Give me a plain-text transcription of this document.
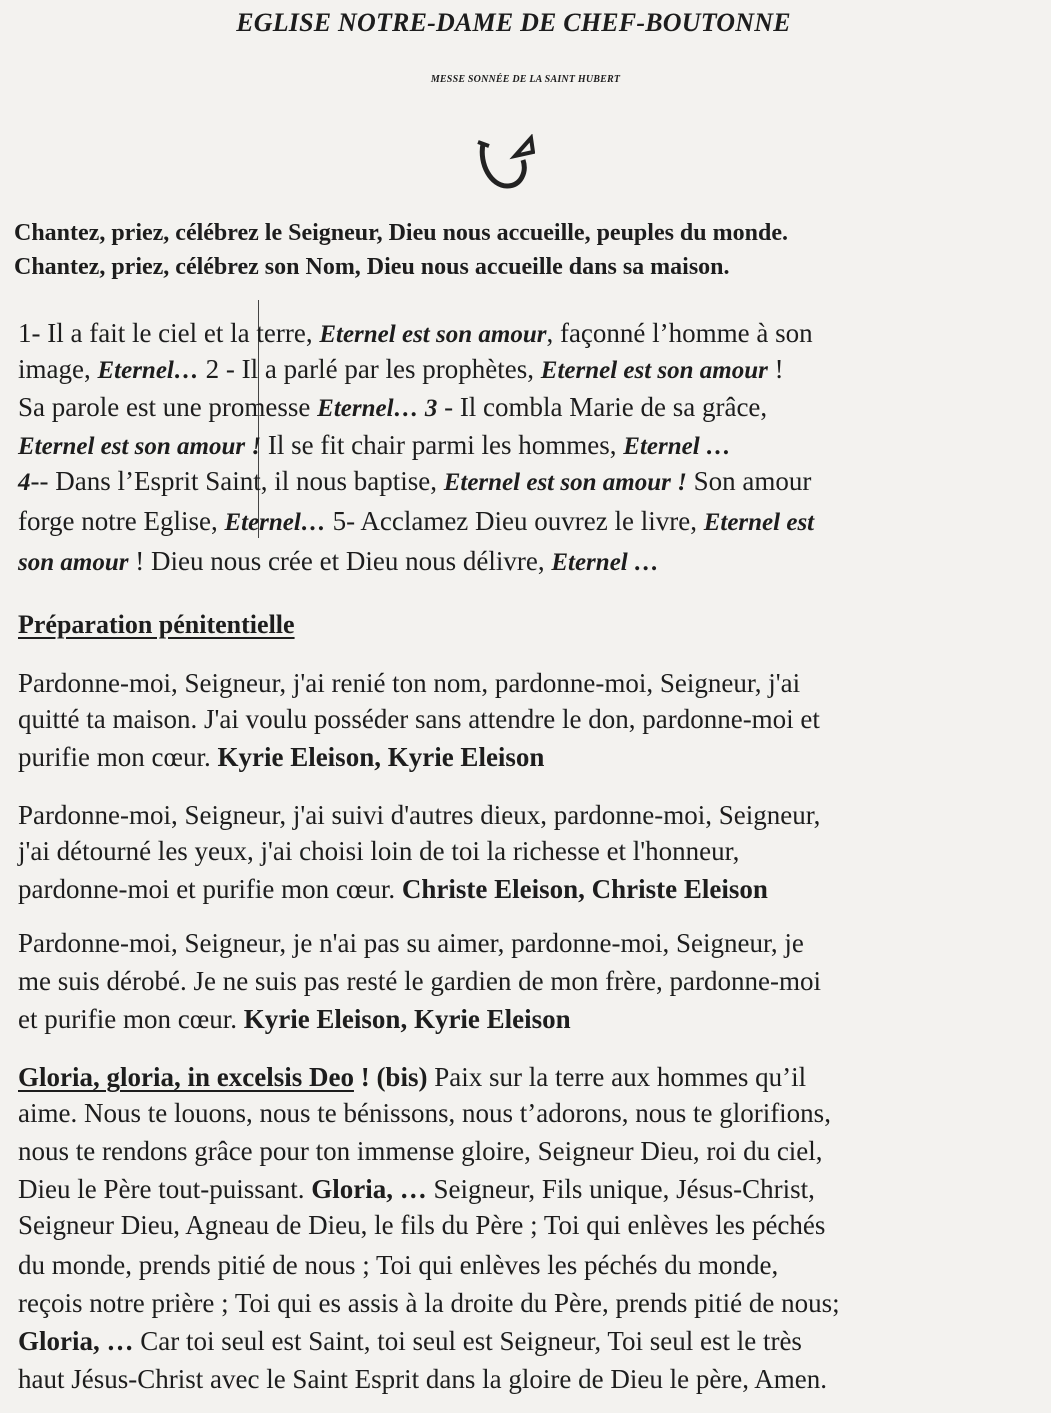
EGLISE NOTRE-DAME DE CHEF-BOUTONNE
MESSE SONNÉE DE LA SAINT HUBERT
Chantez, priez, célébrez le Seigneur, Dieu nous accueille, peuples du monde.
Chantez, priez, célébrez son Nom, Dieu nous accueille dans sa maison.
1- Il a fait le ciel et la terre, Eternel est son amour, façonné l’homme à son
image, Eternel… 2 - Il a parlé par les prophètes, Eternel est son amour !
Sa parole est une promesse Eternel… 3 - Il combla Marie de sa grâce,
Eternel est son amour ! Il se fit chair parmi les hommes, Eternel …
4-- Dans l’Esprit Saint, il nous baptise, Eternel est son amour ! Son amour
forge notre Eglise, Eternel… 5- Acclamez Dieu ouvrez le livre, Eternel est
son amour ! Dieu nous crée et Dieu nous délivre, Eternel …
Préparation pénitentielle
Pardonne-moi, Seigneur, j'ai renié ton nom, pardonne-moi, Seigneur, j'ai
quitté ta maison. J'ai voulu posséder sans attendre le don, pardonne-moi et
purifie mon cœur. Kyrie Eleison, Kyrie Eleison
Pardonne-moi, Seigneur, j'ai suivi d'autres dieux, pardonne-moi, Seigneur,
j'ai détourné les yeux, j'ai choisi loin de toi la richesse et l'honneur,
pardonne-moi et purifie mon cœur. Christe Eleison, Christe Eleison
Pardonne-moi, Seigneur, je n'ai pas su aimer, pardonne-moi, Seigneur, je
me suis dérobé. Je ne suis pas resté le gardien de mon frère, pardonne-moi
et purifie mon cœur. Kyrie Eleison, Kyrie Eleison
Gloria, gloria, in excelsis Deo ! (bis) Paix sur la terre aux hommes qu’il
aime. Nous te louons, nous te bénissons, nous t’adorons, nous te glorifions,
nous te rendons grâce pour ton immense gloire, Seigneur Dieu, roi du ciel,
Dieu le Père tout-puissant. Gloria, … Seigneur, Fils unique, Jésus-Christ,
Seigneur Dieu, Agneau de Dieu, le fils du Père ; Toi qui enlèves les péchés
du monde, prends pitié de nous ; Toi qui enlèves les péchés du monde,
reçois notre prière ; Toi qui es assis à la droite du Père, prends pitié de nous;
Gloria, … Car toi seul est Saint, toi seul est Seigneur, Toi seul est le très
haut Jésus-Christ avec le Saint Esprit dans la gloire de Dieu le père, Amen.
